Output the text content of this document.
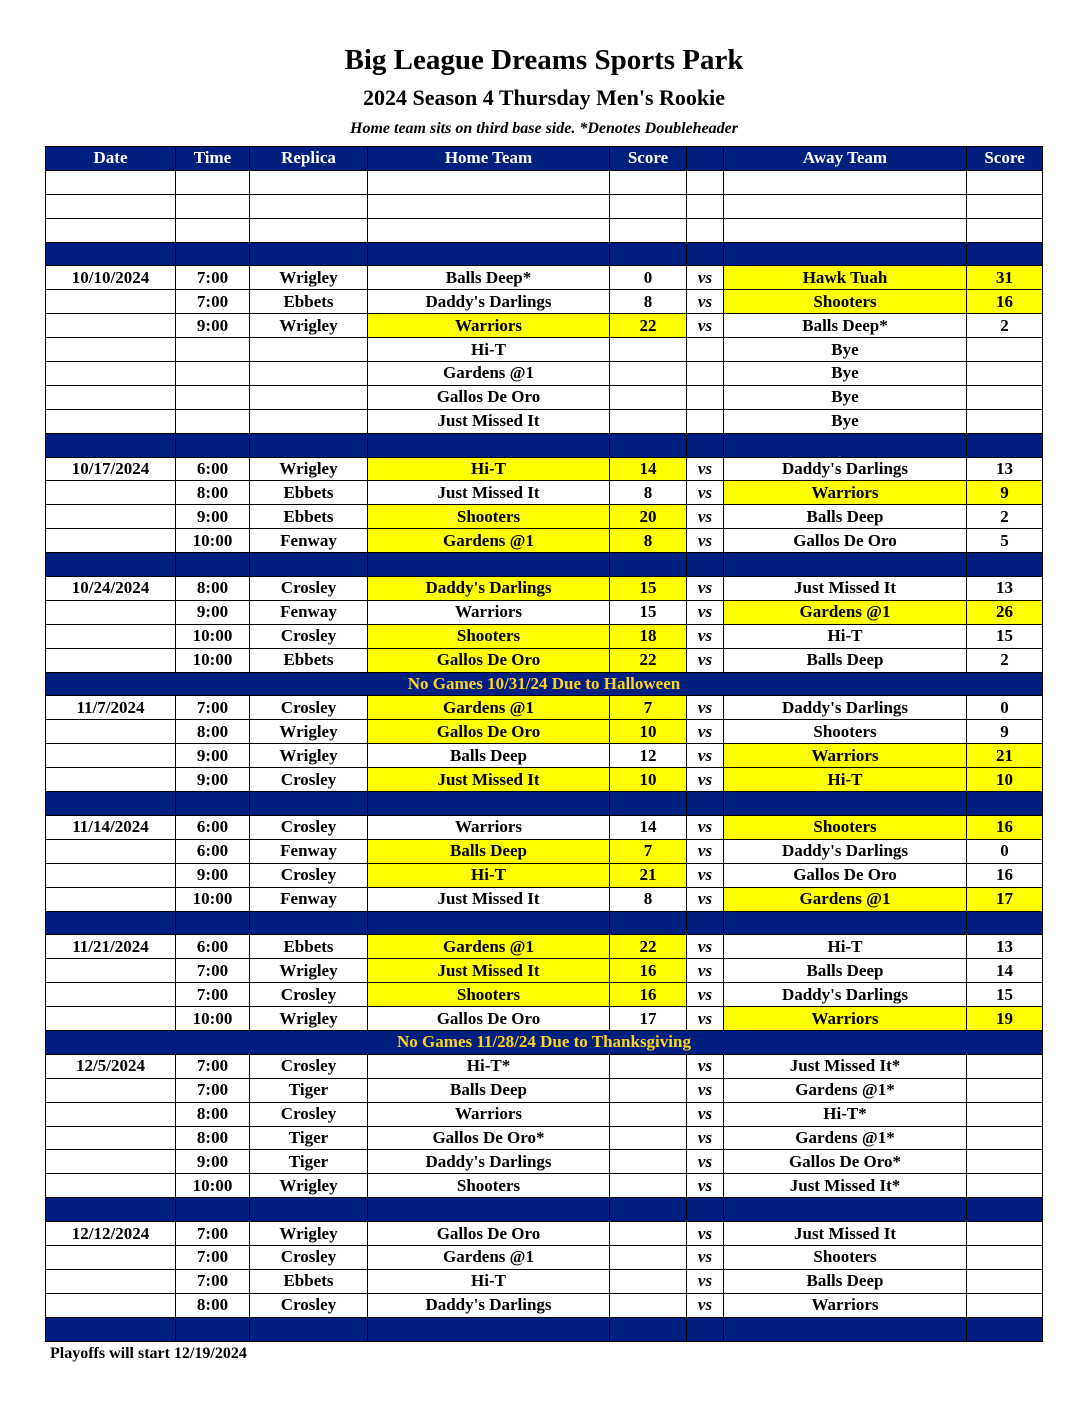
Big League Dreams Sports Park
2024 Season 4 Thursday Men's Rookie
Home team sits on third base side. *Denotes Doubleheader
Date	Time	Replica	Home Team	Score		Away Team	Score

10/10/2024	7:00	Wrigley	Balls Deep*	0	vs	Hawk Tuah	31
	7:00	Ebbets	Daddy's Darlings	8	vs	Shooters	16
	9:00	Wrigley	Warriors	22	vs	Balls Deep*	2
			Hi-T			Bye	
			Gardens @1			Bye	
			Gallos De Oro			Bye	
			Just Missed It			Bye	

10/17/2024	6:00	Wrigley	Hi-T	14	vs	Daddy's Darlings	13
	8:00	Ebbets	Just Missed It	8	vs	Warriors	9
	9:00	Ebbets	Shooters	20	vs	Balls Deep	2
	10:00	Fenway	Gardens @1	8	vs	Gallos De Oro	5

10/24/2024	8:00	Crosley	Daddy's Darlings	15	vs	Just Missed It	13
	9:00	Fenway	Warriors	15	vs	Gardens @1	26
	10:00	Crosley	Shooters	18	vs	Hi-T	15
	10:00	Ebbets	Gallos De Oro	22	vs	Balls Deep	2
No Games 10/31/24 Due to Halloween							
11/7/2024	7:00	Crosley	Gardens @1	7	vs	Daddy's Darlings	0
	8:00	Wrigley	Gallos De Oro	10	vs	Shooters	9
	9:00	Wrigley	Balls Deep	12	vs	Warriors	21
	9:00	Crosley	Just Missed It	10	vs	Hi-T	10

11/14/2024	6:00	Crosley	Warriors	14	vs	Shooters	16
	6:00	Fenway	Balls Deep	7	vs	Daddy's Darlings	0
	9:00	Crosley	Hi-T	21	vs	Gallos De Oro	16
	10:00	Fenway	Just Missed It	8	vs	Gardens @1	17

11/21/2024	6:00	Ebbets	Gardens @1	22	vs	Hi-T	13
	7:00	Wrigley	Just Missed It	16	vs	Balls Deep	14
	7:00	Crosley	Shooters	16	vs	Daddy's Darlings	15
	10:00	Wrigley	Gallos De Oro	17	vs	Warriors	19
No Games 11/28/24 Due to Thanksgiving							
12/5/2024	7:00	Crosley	Hi-T*		vs	Just Missed It*	
	7:00	Tiger	Balls Deep		vs	Gardens @1*	
	8:00	Crosley	Warriors		vs	Hi-T*	
	8:00	Tiger	Gallos De Oro*		vs	Gardens @1*	
	9:00	Tiger	Daddy's Darlings		vs	Gallos De Oro*	
	10:00	Wrigley	Shooters		vs	Just Missed It*	

12/12/2024	7:00	Wrigley	Gallos De Oro		vs	Just Missed It	
	7:00	Crosley	Gardens @1		vs	Shooters	
	7:00	Ebbets	Hi-T		vs	Balls Deep	
	8:00	Crosley	Daddy's Darlings		vs	Warriors	

Playoffs will start 12/19/2024
